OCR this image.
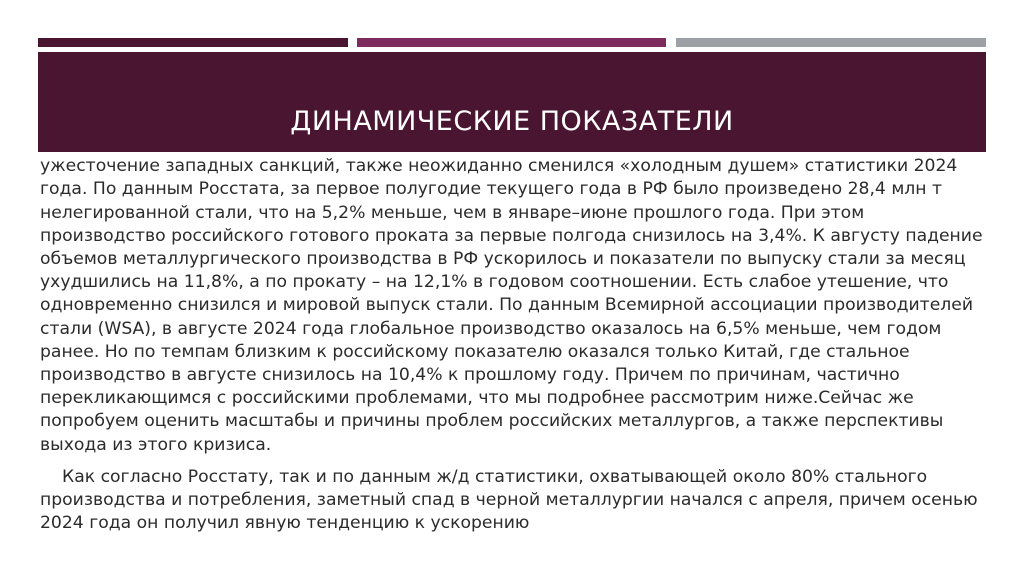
ужесточение западных санкций, также неожиданно сменился «холодным душем» статистики 2024 года. По данным Росстата, за первое полугодие текущего года в РФ было произведено 28,4 млн т нелегированной стали, что на 5,2% меньше, чем в январе–июне прошлого года. При этом производство российского готового проката за первые полгода снизилось на 3,4%. К августу падение объемов металлургического производства в РФ ускорилось и показатели по выпуску стали за месяц ухудшились на 11,8%, а по прокату – на 12,1% в годовом соотношении. Есть слабое утешение, что одновременно снизился и мировой выпуск стали. По данным Всемирной ассоциации производителей стали (WSA), в августе 2024 года глобальное производство оказалось на 6,5% меньше, чем годом ранее. Но по темпам близким к российскому показателю оказался только Китай, где стальное производство в августе снизилось на 10,4% к прошлому году. Причем по причинам, частично перекликающимся с российскими проблемами, что мы подробнее рассмотрим ниже.Сейчас же попробуем оценить масштабы и причины проблем российских металлургов, а также перспективы выхода из этого кризиса.

Как согласно Росстату, так и по данным ж/д статистики, охватывающей около 80% стального производства и потребления, заметный спад в черной металлургии начался с апреля, причем осенью 2024 года он получил явную тенденцию к ускорению

ДИНАМИЧЕСКИЕ ПОКАЗАТЕЛИ
